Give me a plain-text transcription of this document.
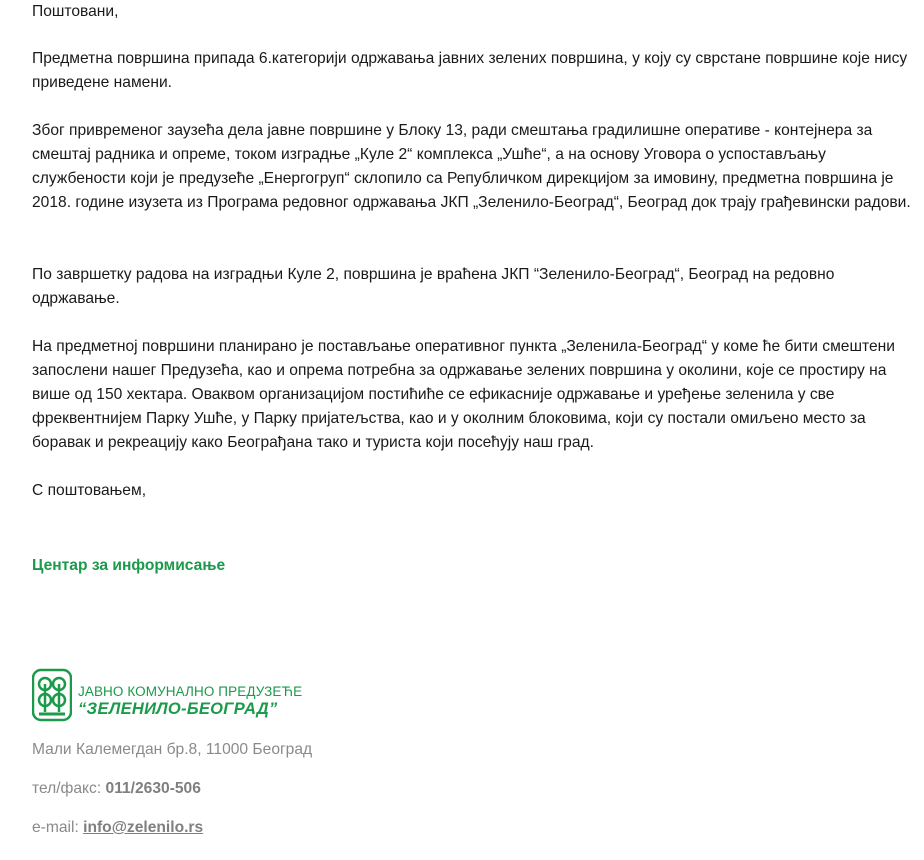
Поштовани,

Предметна површина припада 6.категорији одржавања јавних зелених површина, у коју су сврстане површине које нису приведене намени.

Због привременог заузећа дела јавне површине у Блоку 13, ради смештања градилишне оперативе - контејнера за смештај радника и опреме, током изградње „Куле 2“ комплекса „Ушће“, а на основу Уговора о успостављању службености који је предузеће „Енергогруп“ склопило са Републичком дирекцијом за имовину, предметна површина је 2018. године изузета из Програма редовног одржавања ЈКП „Зеленило-Београд“, Београд док трају грађевински радови.

По завршетку радова на изградњи Куле 2, површина је враћена ЈКП “Зеленило-Београд“, Београд на редовно одржавање.

На предметној површини планирано је постављање оперативног пункта „Зеленила-Београд“ у коме ће бити смештени запослени нашег Предузећа, као и опрема потребна за одржавање зелених површина у околини, које се простиру на више од 150 хектара. Оваквом организацијом постићиће се ефикасније одржавање и уређење зеленила у све фреквентнијем Парку Ушће, у Парку пријатељства, као и у околним блоковима, који су постали омиљено место за боравак и рекреацију како Београђана тако и туриста који посећују наш град.

С поштовањем,

Центар за информисање
ЈАВНО КОМУНАЛНО ПРЕДУЗЕЋЕ
“ЗЕЛЕНИЛО-БЕОГРАД”
Мали Калемегдан бр.8, 11000 Београд
тел/факс: 011/2630-506
e-mail: info@zelenilo.rs
